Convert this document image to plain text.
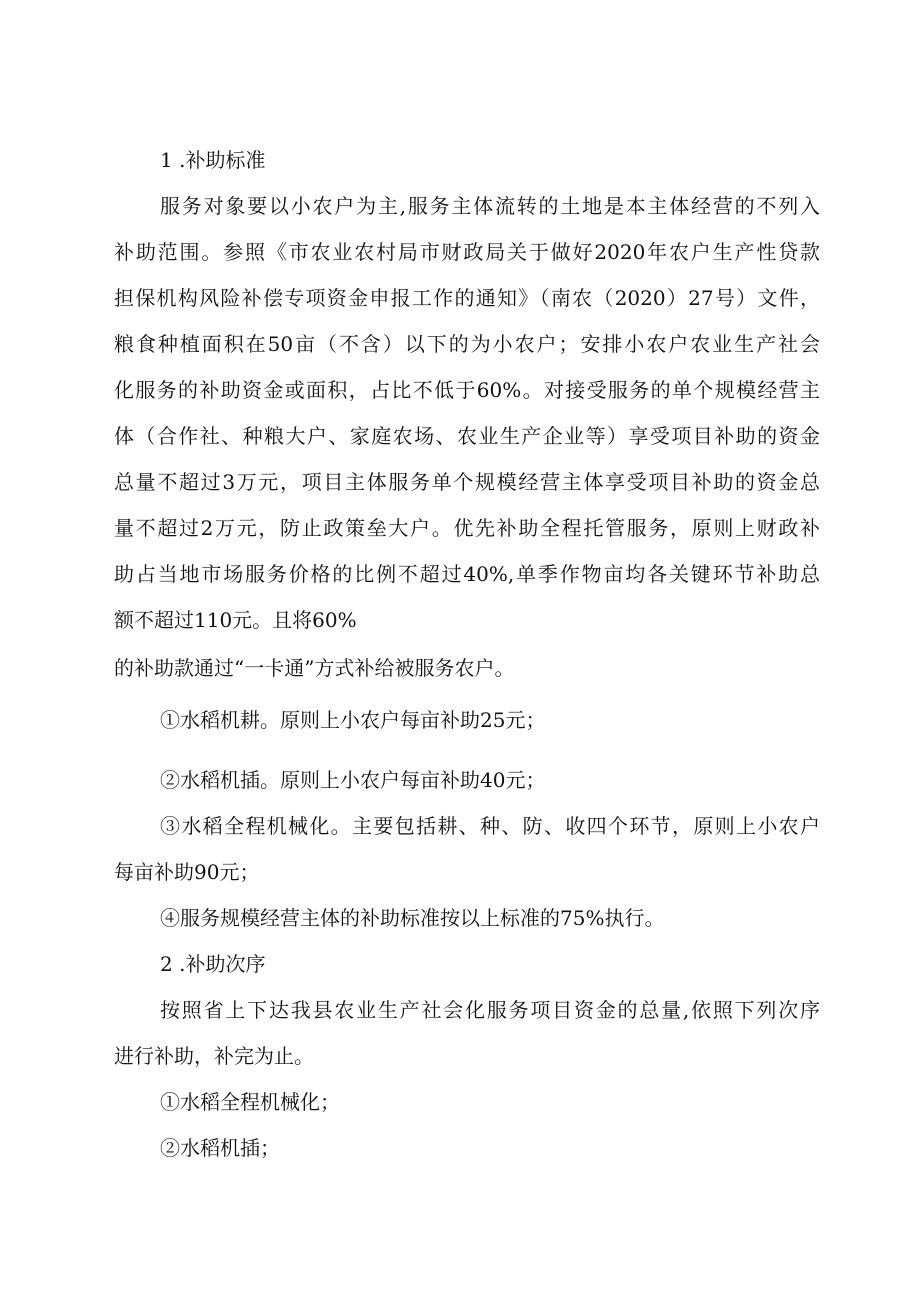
1 .补助标准

服务对象要以小农户为主,服务主体流转的土地是本主体经营的不列入

补助范围。参照《市农业农村局市财政局关于做好2020年农户生产性贷款

担保机构风险补偿专项资金申报工作的通知》（南农（2020）27号）文件，

粮食种植面积在50亩（不含）以下的为小农户；安排小农户农业生产社会

化服务的补助资金或面积，占比不低于60%。对接受服务的单个规模经营主

体（合作社、种粮大户、家庭农场、农业生产企业等）享受项目补助的资金

总量不超过3万元，项目主体服务单个规模经营主体享受项目补助的资金总

量不超过2万元，防止政策垒大户。优先补助全程托管服务，原则上财政补

助占当地市场服务价格的比例不超过40%,单季作物亩均各关键环节补助总

额不超过110元。且将60%

的补助款通过“一卡通”方式补给被服务农户。

①水稻机耕。原则上小农户每亩补助25元；

②水稻机插。原则上小农户每亩补助40元；

③水稻全程机械化。主要包括耕、种、防、收四个环节，原则上小农户

每亩补助90元；

④服务规模经营主体的补助标准按以上标准的75%执行。

2 .补助次序

按照省上下达我县农业生产社会化服务项目资金的总量,依照下列次序

进行补助，补完为止。

①水稻全程机械化；

②水稻机插；
